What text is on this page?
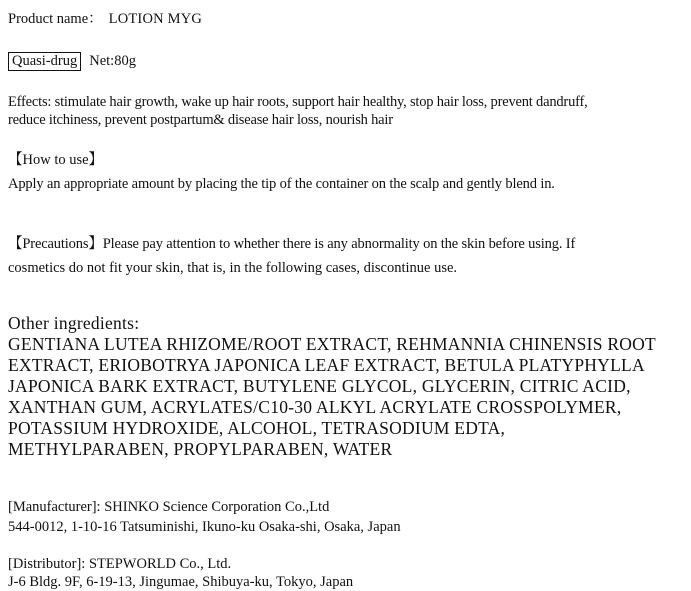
Product name： LOTION MYG
Quasi-drug Net:80g
Effects: stimulate hair growth, wake up hair roots, support hair healthy, stop hair loss, prevent dandruff,
reduce itchiness, prevent postpartum& disease hair loss, nourish hair
【How to use】
Apply an appropriate amount by placing the tip of the container on the scalp and gently blend in.
【Precautions】Please pay attention to whether there is any abnormality on the skin before using. If
cosmetics do not fit your skin, that is, in the following cases, discontinue use.
Other ingredients:
GENTIANA LUTEA RHIZOME/ROOT EXTRACT, REHMANNIA CHINENSIS ROOT
EXTRACT, ERIOBOTRYA JAPONICA LEAF EXTRACT, BETULA PLATYPHYLLA
JAPONICA BARK EXTRACT, BUTYLENE GLYCOL, GLYCERIN, CITRIC ACID,
XANTHAN GUM, ACRYLATES/C10-30 ALKYL ACRYLATE CROSSPOLYMER,
POTASSIUM HYDROXIDE, ALCOHOL, TETRASODIUM EDTA,
METHYLPARABEN, PROPYLPARABEN, WATER
[Manufacturer]: SHINKO Science Corporation Co.,Ltd
544-0012, 1-10-16 Tatsuminishi, Ikuno-ku Osaka-shi, Osaka, Japan
[Distributor]: STEPWORLD Co., Ltd.
J-6 Bldg. 9F, 6-19-13, Jingumae, Shibuya-ku, Tokyo, Japan
